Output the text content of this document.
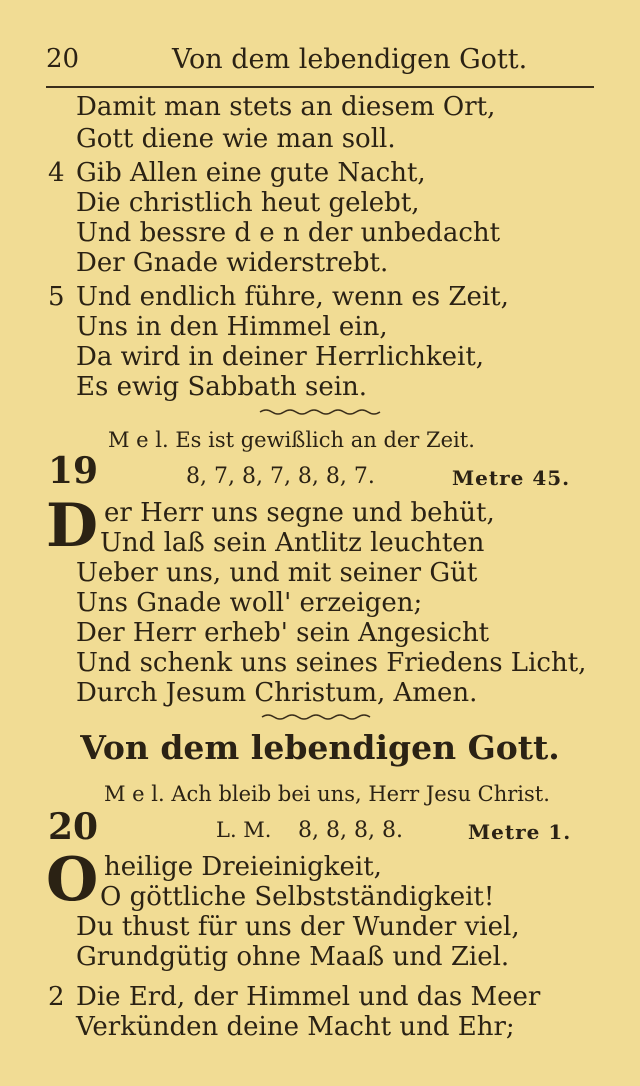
20	Von dem lebendigen Gott.
Damit man stets an diesem Ort,
Gott diene wie man soll.
4 Gib Allen eine gute Nacht,
Die christlich heut gelebt,
Und bessre d e n der unbedacht
Der Gnade widerstrebt.
5 Und endlich führe, wenn es Zeit,
Uns in den Himmel ein,
Da wird in deiner Herrlichkeit,
Es ewig Sabbath sein.
M e l. Es ist gewißlich an der Zeit.
19	8, 7, 8, 7, 8, 8, 7.	Metre 45.
D er Herr uns segne und behüt,
Und laß sein Antlitz leuchten
Ueber uns, und mit seiner Güt
Uns Gnade woll' erzeigen;
Der Herr erheb' sein Angesicht
Und schenk uns seines Friedens Licht,
Durch Jesum Christum, Amen.
Von dem lebendigen Gott.
M e l. Ach bleib bei uns, Herr Jesu Christ.
20	L. M. 8, 8, 8, 8.	Metre 1.
O heilige Dreieinigkeit,
O göttliche Selbstständigkeit!
Du thust für uns der Wunder viel,
Grundgütig ohne Maaß und Ziel.
2 Die Erd, der Himmel und das Meer
Verkünden deine Macht und Ehr;
